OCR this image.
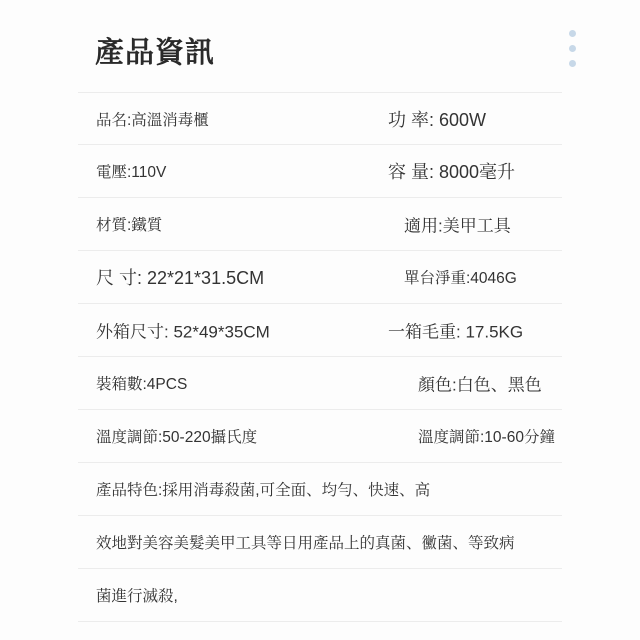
產品資訊
品名:高溫消毒櫃	功 率: 600W
電壓:110V	容 量: 8000毫升
材質:鐵質	適用:美甲工具
尺 寸: 22*21*31.5CM	單台淨重:4046G
外箱尺寸: 52*49*35CM	一箱毛重: 17.5KG
裝箱數:4PCS	顏色:白色、黑色
溫度調節:50-220攝氏度	溫度調節:10-60分鐘
產品特色:採用消毒殺菌,可全面、均勻、快速、高
效地對美容美髮美甲工具等日用產品上的真菌、黴菌、等致病
菌進行滅殺,
